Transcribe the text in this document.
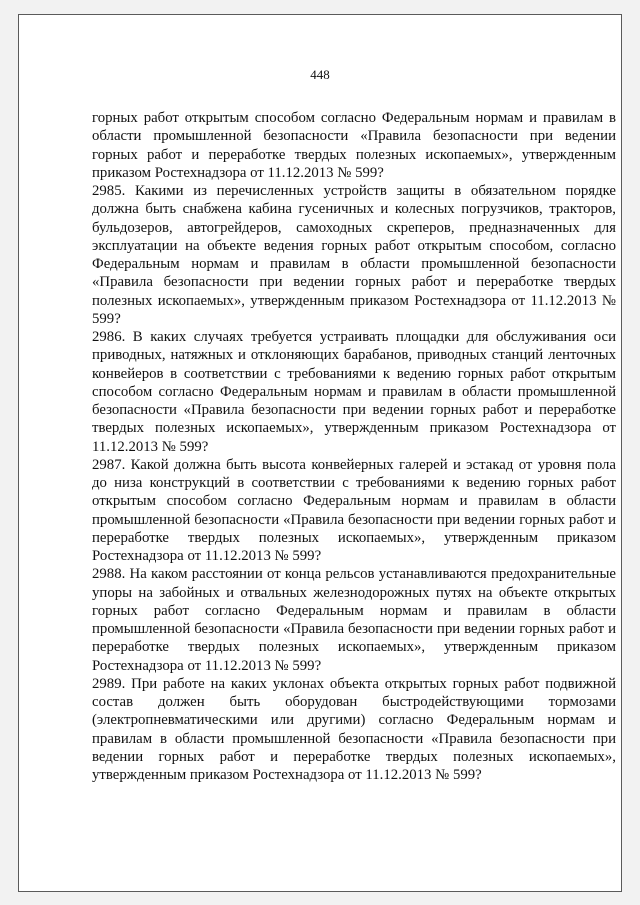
448

горных работ открытым способом согласно Федеральным нормам и правилам в области промышленной безопасности «Правила безопасности при ведении горных работ и переработке твердых полезных ископаемых», утвержденным приказом Ростехнадзора от 11.12.2013 № 599?

2985. Какими из перечисленных устройств защиты в обязательном порядке должна быть снабжена кабина гусеничных и колесных погрузчиков, тракторов, бульдозеров, автогрейдеров, самоходных скреперов, предназначенных для эксплуатации на объекте ведения горных работ открытым способом, согласно Федеральным нормам и правилам в области промышленной безопасности «Правила безопасности при ведении горных работ и переработке твердых полезных ископаемых», утвержденным приказом Ростехнадзора от 11.12.2013 № 599?

2986. В каких случаях требуется устраивать площадки для обслуживания оси приводных, натяжных и отклоняющих барабанов, приводных станций ленточных конвейеров в соответствии с требованиями к ведению горных работ открытым способом согласно Федеральным нормам и правилам в области промышленной безопасности «Правила безопасности при ведении горных работ и переработке твердых полезных ископаемых», утвержденным приказом Ростехнадзора от 11.12.2013 № 599?

2987. Какой должна быть высота конвейерных галерей и эстакад от уровня пола до низа конструкций в соответствии с требованиями к ведению горных работ открытым способом согласно Федеральным нормам и правилам в области промышленной безопасности «Правила безопасности при ведении горных работ и переработке твердых полезных ископаемых», утвержденным приказом Ростехнадзора от 11.12.2013 № 599?

2988. На каком расстоянии от конца рельсов устанавливаются предохранительные упоры на забойных и отвальных железнодорожных путях на объекте открытых горных работ согласно Федеральным нормам и правилам в области промышленной безопасности «Правила безопасности при ведении горных работ и переработке твердых полезных ископаемых», утвержденным приказом Ростехнадзора от 11.12.2013 № 599?

2989. При работе на каких уклонах объекта открытых горных работ подвижной состав должен быть оборудован быстродействующими тормозами (электропневматическими или другими) согласно Федеральным нормам и правилам в области промышленной безопасности «Правила безопасности при ведении горных работ и переработке твердых полезных ископаемых», утвержденным приказом Ростехнадзора от 11.12.2013 № 599?
